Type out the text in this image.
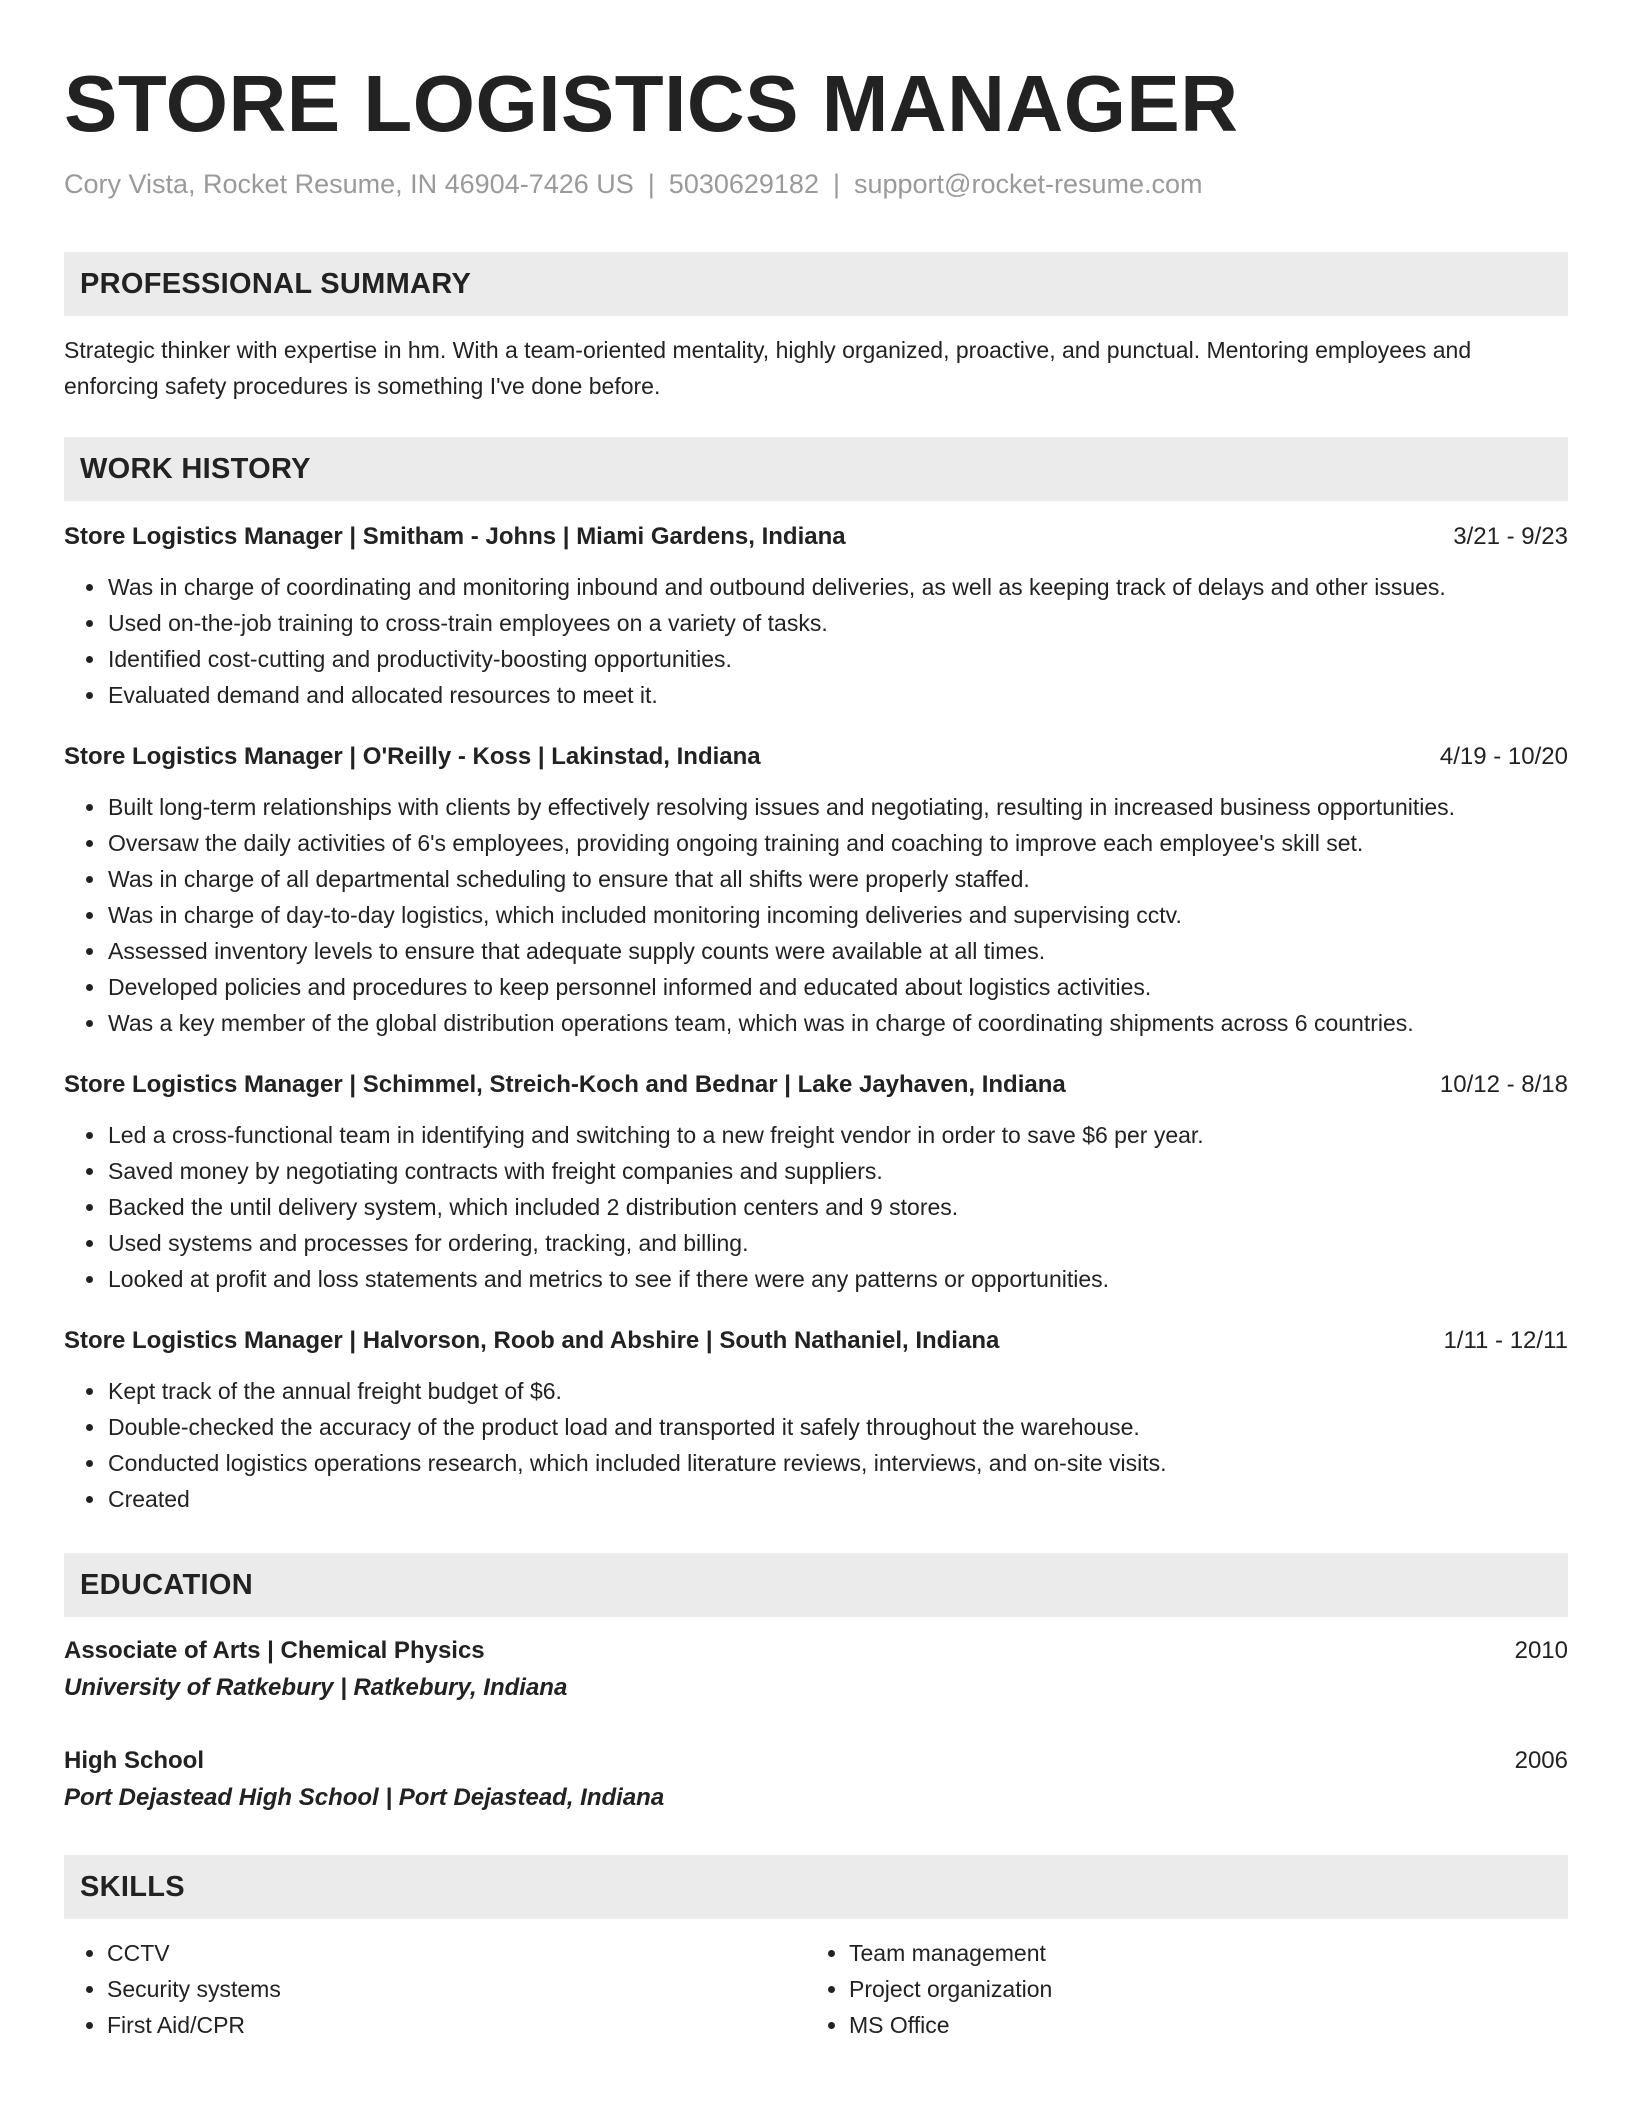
STORE LOGISTICS MANAGER
Cory Vista, Rocket Resume, IN 46904-7426 US | 5030629182 | support@rocket-resume.com
PROFESSIONAL SUMMARY
Strategic thinker with expertise in hm. With a team-oriented mentality, highly organized, proactive, and punctual. Mentoring employees and enforcing safety procedures is something I've done before.
WORK HISTORY
Store Logistics Manager | Smitham - Johns | Miami Gardens, Indiana	3/21 - 9/23
• Was in charge of coordinating and monitoring inbound and outbound deliveries, as well as keeping track of delays and other issues.
• Used on-the-job training to cross-train employees on a variety of tasks.
• Identified cost-cutting and productivity-boosting opportunities.
• Evaluated demand and allocated resources to meet it.
Store Logistics Manager | O'Reilly - Koss | Lakinstad, Indiana	4/19 - 10/20
• Built long-term relationships with clients by effectively resolving issues and negotiating, resulting in increased business opportunities.
• Oversaw the daily activities of 6's employees, providing ongoing training and coaching to improve each employee's skill set.
• Was in charge of all departmental scheduling to ensure that all shifts were properly staffed.
• Was in charge of day-to-day logistics, which included monitoring incoming deliveries and supervising cctv.
• Assessed inventory levels to ensure that adequate supply counts were available at all times.
• Developed policies and procedures to keep personnel informed and educated about logistics activities.
• Was a key member of the global distribution operations team, which was in charge of coordinating shipments across 6 countries.
Store Logistics Manager | Schimmel, Streich-Koch and Bednar | Lake Jayhaven, Indiana	10/12 - 8/18
• Led a cross-functional team in identifying and switching to a new freight vendor in order to save $6 per year.
• Saved money by negotiating contracts with freight companies and suppliers.
• Backed the until delivery system, which included 2 distribution centers and 9 stores.
• Used systems and processes for ordering, tracking, and billing.
• Looked at profit and loss statements and metrics to see if there were any patterns or opportunities.
Store Logistics Manager | Halvorson, Roob and Abshire | South Nathaniel, Indiana	1/11 - 12/11
• Kept track of the annual freight budget of $6.
• Double-checked the accuracy of the product load and transported it safely throughout the warehouse.
• Conducted logistics operations research, which included literature reviews, interviews, and on-site visits.
• Created
EDUCATION
Associate of Arts | Chemical Physics	2010
University of Ratkebury | Ratkebury, Indiana
High School	2006
Port Dejastead High School | Port Dejastead, Indiana
SKILLS
• CCTV
• Security systems
• First Aid/CPR
• Team management
• Project organization
• MS Office
